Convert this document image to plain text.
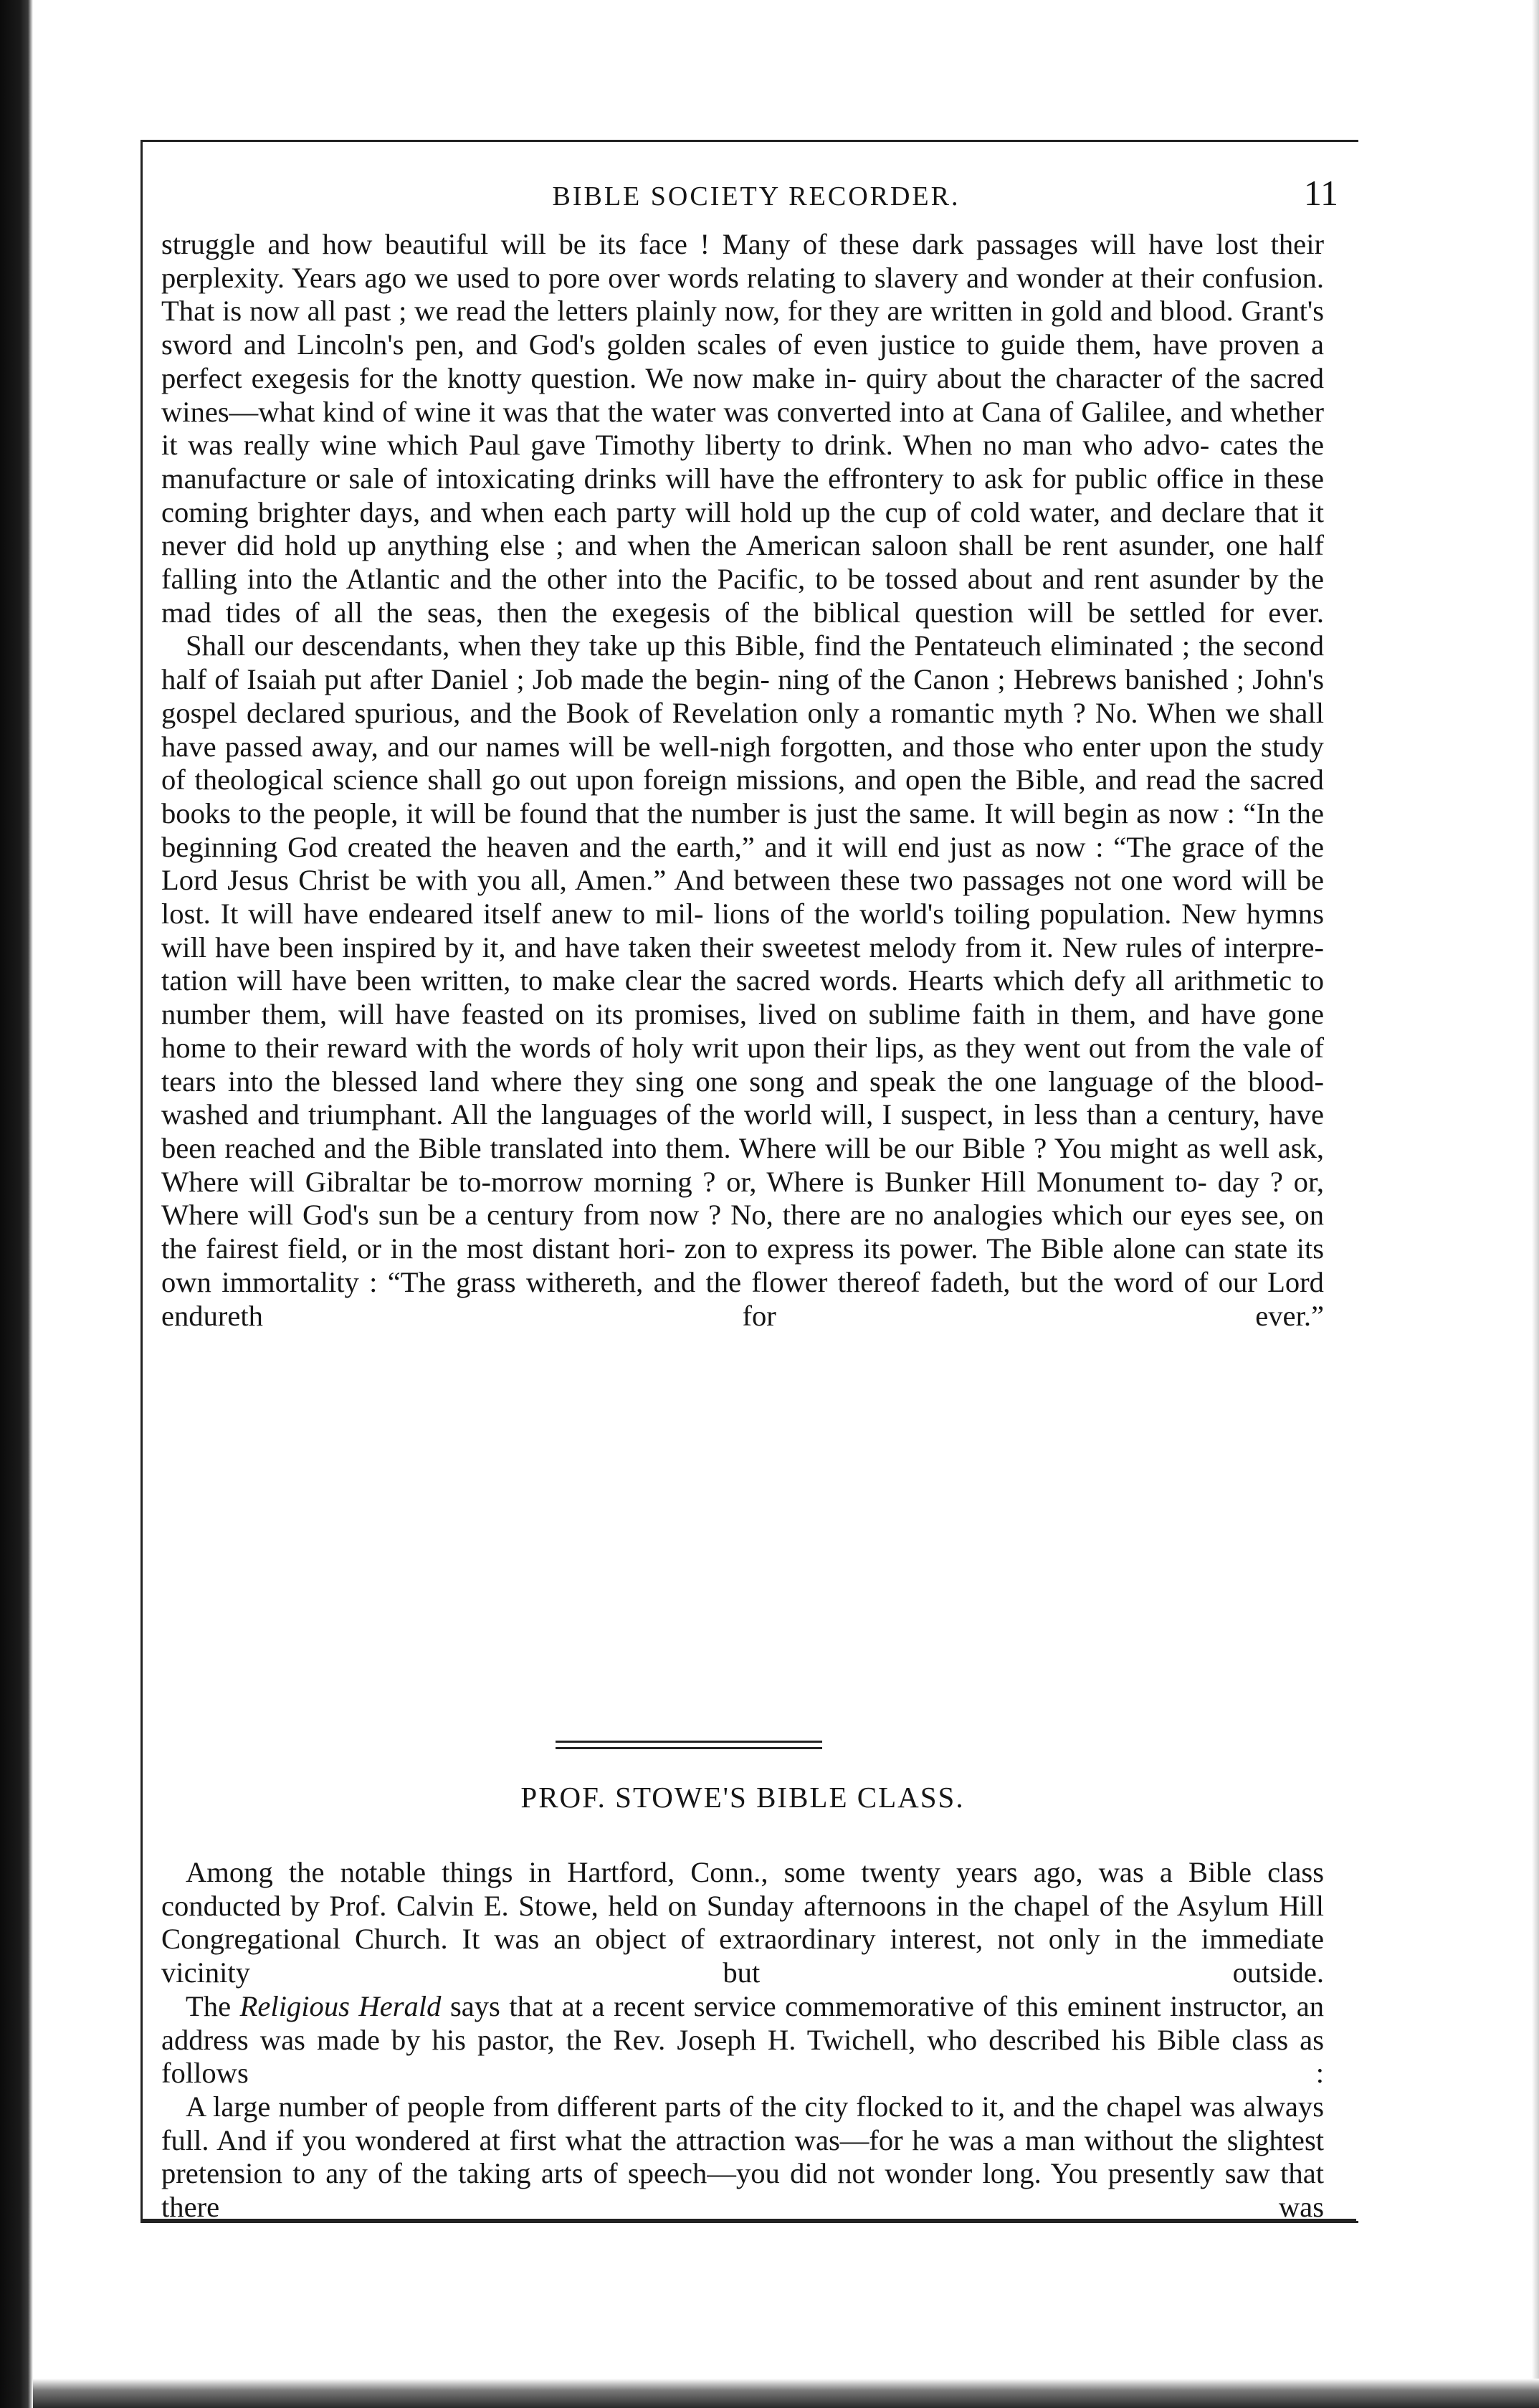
BIBLE SOCIETY RECORDER.	11

struggle and how beautiful will be its face ! Many of these dark passages will have lost their perplexity. Years ago we used to pore over words relating to slavery and wonder at their confusion. That is now all past ; we read the letters plainly now, for they are written in gold and blood. Grant's sword and Lincoln's pen, and God's golden scales of even justice to guide them, have proven a perfect exegesis for the knotty question. We now make in- quiry about the character of the sacred wines—what kind of wine it was that the water was converted into at Cana of Galilee, and whether it was really wine which Paul gave Timothy liberty to drink. When no man who advo- cates the manufacture or sale of intoxicating drinks will have the effrontery to ask for public office in these coming brighter days, and when each party will hold up the cup of cold water, and declare that it never did hold up anything else ; and when the American saloon shall be rent asunder, one half falling into the Atlantic and the other into the Pacific, to be tossed about and rent asunder by the mad tides of all the seas, then the exegesis of the biblical question will be settled for ever.

Shall our descendants, when they take up this Bible, find the Pentateuch eliminated ; the second half of Isaiah put after Daniel ; Job made the begin- ning of the Canon ; Hebrews banished ; John's gospel declared spurious, and the Book of Revelation only a romantic myth ? No. When we shall have passed away, and our names will be well-nigh forgotten, and those who enter upon the study of theological science shall go out upon foreign missions, and open the Bible, and read the sacred books to the people, it will be found that the number is just the same. It will begin as now : “In the beginning God created the heaven and the earth,” and it will end just as now : “The grace of the Lord Jesus Christ be with you all, Amen.” And between these two passages not one word will be lost. It will have endeared itself anew to mil- lions of the world's toiling population. New hymns will have been inspired by it, and have taken their sweetest melody from it. New rules of interpre- tation will have been written, to make clear the sacred words. Hearts which defy all arithmetic to number them, will have feasted on its promises, lived on sublime faith in them, and have gone home to their reward with the words of holy writ upon their lips, as they went out from the vale of tears into the blessed land where they sing one song and speak the one language of the blood-washed and triumphant. All the languages of the world will, I suspect, in less than a century, have been reached and the Bible translated into them. Where will be our Bible ? You might as well ask, Where will Gibraltar be to-morrow morning ? or, Where is Bunker Hill Monument to- day ? or, Where will God's sun be a century from now ? No, there are no analogies which our eyes see, on the fairest field, or in the most distant hori- zon to express its power. The Bible alone can state its own immortality : “The grass withereth, and the flower thereof fadeth, but the word of our Lord endureth for ever.”

PROF. STOWE'S BIBLE CLASS.

Among the notable things in Hartford, Conn., some twenty years ago, was a Bible class conducted by Prof. Calvin E. Stowe, held on Sunday afternoons in the chapel of the Asylum Hill Congregational Church. It was an object of extraordinary interest, not only in the immediate vicinity but outside.

The Religious Herald says that at a recent service commemorative of this eminent instructor, an address was made by his pastor, the Rev. Joseph H. Twichell, who described his Bible class as follows :

A large number of people from different parts of the city flocked to it, and the chapel was always full. And if you wondered at first what the attraction was—for he was a man without the slightest pretension to any of the taking arts of speech—you did not wonder long. You presently saw that there was
